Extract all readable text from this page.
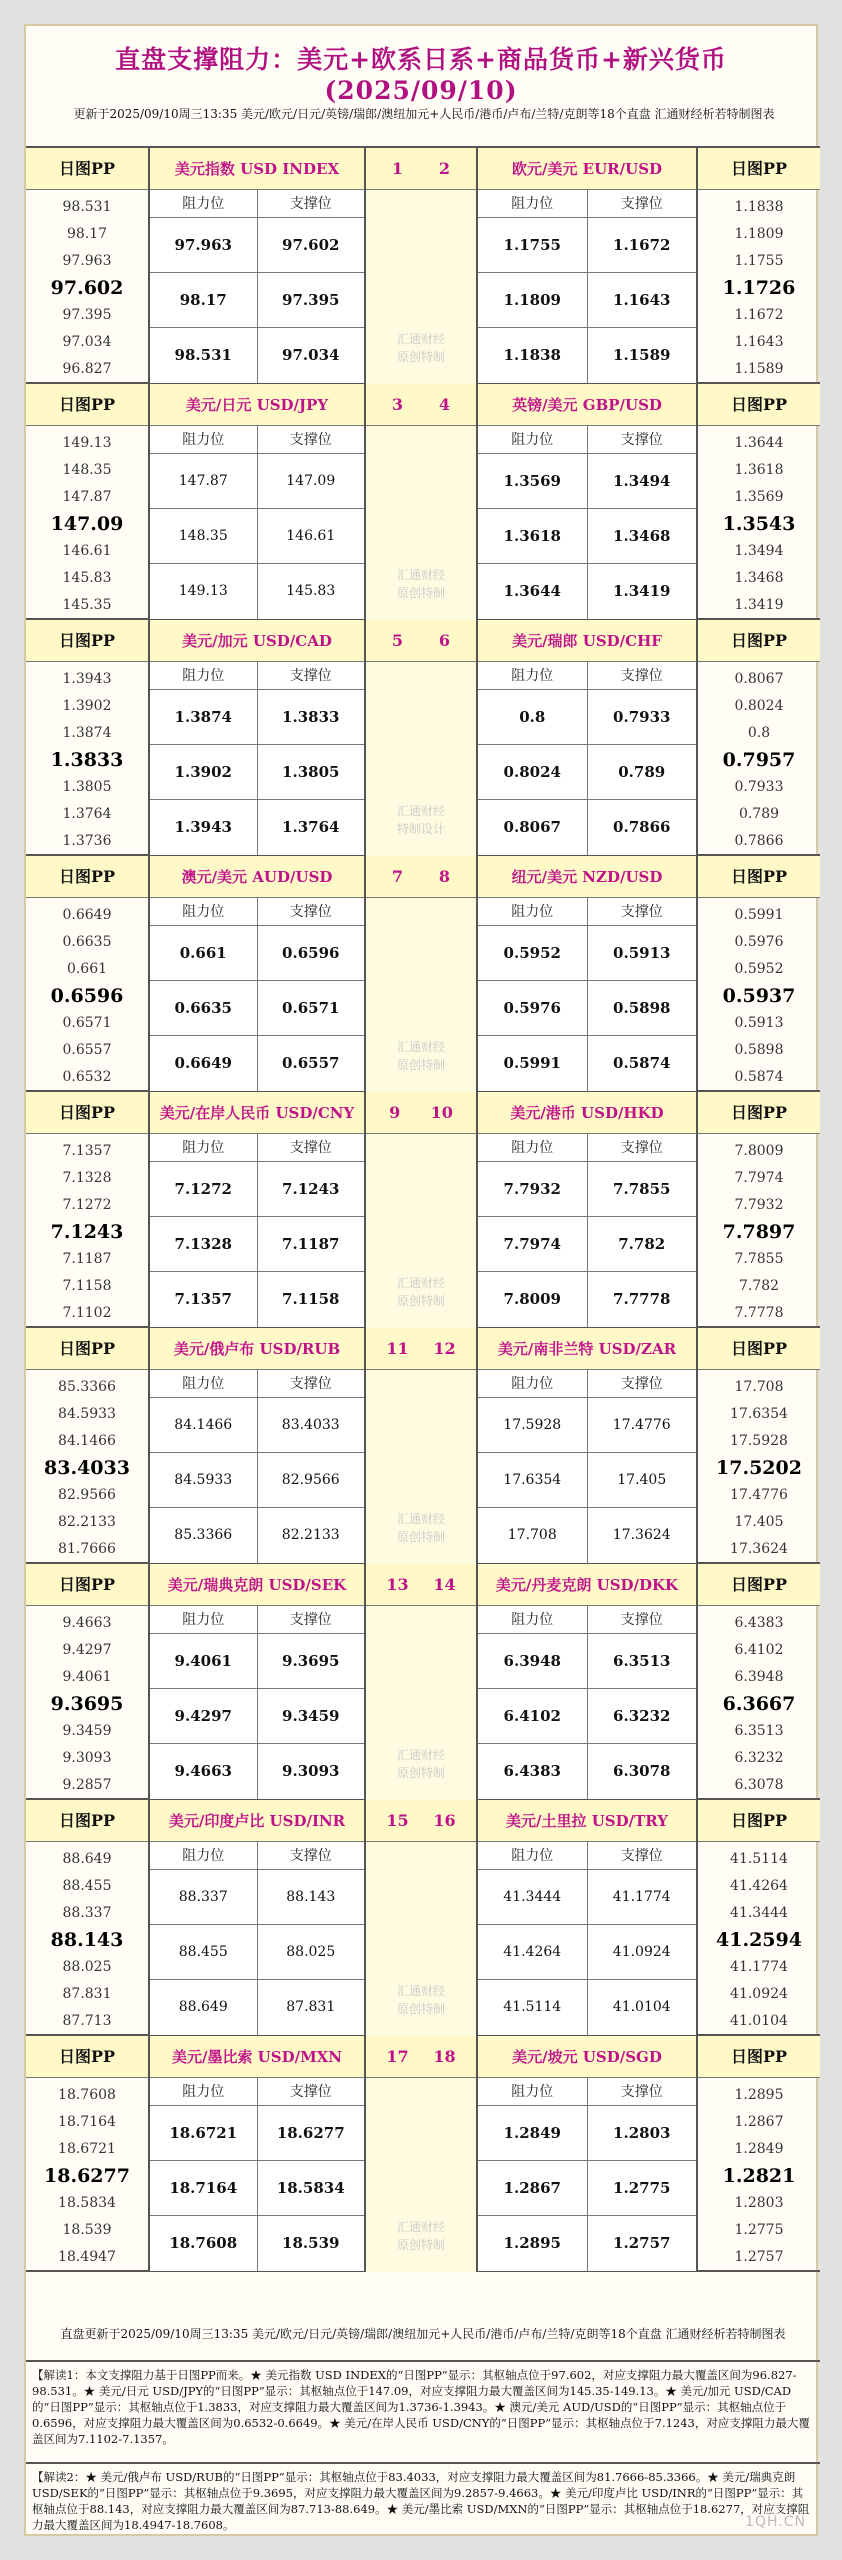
直盘支撑阻力：美元+欧系日系+商品货币+新兴货币(2025/09/10)
更新于2025/09/10周三13:35 美元/欧元/日元/英镑/瑞郎/澳纽加元+人民币/港币/卢布/兰特/克朗等18个直盘 汇通财经析若特制图表
日图PP
98.531
98.17
97.963
97.602
97.395
97.034
96.827
美元指数 USD INDEX
阻力位	支撑位
97.963	97.602
98.17	97.395
98.531	97.034
1 2
汇通财经
原创特制
欧元/美元 EUR/USD
阻力位	支撑位
1.1755	1.1672
1.1809	1.1643
1.1838	1.1589
日图PP
1.1838
1.1809
1.1755
1.1726
1.1672
1.1643
1.1589
日图PP
149.13
148.35
147.87
147.09
146.61
145.83
145.35
美元/日元 USD/JPY
阻力位	支撑位
147.87	147.09
148.35	146.61
149.13	145.83
3 4
汇通财经
原创特制
英镑/美元 GBP/USD
阻力位	支撑位
1.3569	1.3494
1.3618	1.3468
1.3644	1.3419
日图PP
1.3644
1.3618
1.3569
1.3543
1.3494
1.3468
1.3419
日图PP
1.3943
1.3902
1.3874
1.3833
1.3805
1.3764
1.3736
美元/加元 USD/CAD
阻力位	支撑位
1.3874	1.3833
1.3902	1.3805
1.3943	1.3764
5 6
汇通财经
特制设计
美元/瑞郎 USD/CHF
阻力位	支撑位
0.8	0.7933
0.8024	0.789
0.8067	0.7866
日图PP
0.8067
0.8024
0.8
0.7957
0.7933
0.789
0.7866
日图PP
0.6649
0.6635
0.661
0.6596
0.6571
0.6557
0.6532
澳元/美元 AUD/USD
阻力位	支撑位
0.661	0.6596
0.6635	0.6571
0.6649	0.6557
7 8
汇通财经
原创特制
纽元/美元 NZD/USD
阻力位	支撑位
0.5952	0.5913
0.5976	0.5898
0.5991	0.5874
日图PP
0.5991
0.5976
0.5952
0.5937
0.5913
0.5898
0.5874
日图PP
7.1357
7.1328
7.1272
7.1243
7.1187
7.1158
7.1102
美元/在岸人民币 USD/CNY
阻力位	支撑位
7.1272	7.1243
7.1328	7.1187
7.1357	7.1158
9 10
汇通财经
原创特制
美元/港币 USD/HKD
阻力位	支撑位
7.7932	7.7855
7.7974	7.782
7.8009	7.7778
日图PP
7.8009
7.7974
7.7932
7.7897
7.7855
7.782
7.7778
日图PP
85.3366
84.5933
84.1466
83.4033
82.9566
82.2133
81.7666
美元/俄卢布 USD/RUB
阻力位	支撑位
84.1466	83.4033
84.5933	82.9566
85.3366	82.2133
11 12
汇通财经
原创特制
美元/南非兰特 USD/ZAR
阻力位	支撑位
17.5928	17.4776
17.6354	17.405
17.708	17.3624
日图PP
17.708
17.6354
17.5928
17.5202
17.4776
17.405
17.3624
日图PP
9.4663
9.4297
9.4061
9.3695
9.3459
9.3093
9.2857
美元/瑞典克朗 USD/SEK
阻力位	支撑位
9.4061	9.3695
9.4297	9.3459
9.4663	9.3093
13 14
汇通财经
原创特制
美元/丹麦克朗 USD/DKK
阻力位	支撑位
6.3948	6.3513
6.4102	6.3232
6.4383	6.3078
日图PP
6.4383
6.4102
6.3948
6.3667
6.3513
6.3232
6.3078
日图PP
88.649
88.455
88.337
88.143
88.025
87.831
87.713
美元/印度卢比 USD/INR
阻力位	支撑位
88.337	88.143
88.455	88.025
88.649	87.831
15 16
汇通财经
原创特制
美元/土里拉 USD/TRY
阻力位	支撑位
41.3444	41.1774
41.4264	41.0924
41.5114	41.0104
日图PP
41.5114
41.4264
41.3444
41.2594
41.1774
41.0924
41.0104
日图PP
18.7608
18.7164
18.6721
18.6277
18.5834
18.539
18.4947
美元/墨比索 USD/MXN
阻力位	支撑位
18.6721	18.6277
18.7164	18.5834
18.7608	18.539
17 18
汇通财经
原创特制
美元/坡元 USD/SGD
阻力位	支撑位
1.2849	1.2803
1.2867	1.2775
1.2895	1.2757
日图PP
1.2895
1.2867
1.2849
1.2821
1.2803
1.2775
1.2757
直盘更新于2025/09/10周三13:35 美元/欧元/日元/英镑/瑞郎/澳纽加元+人民币/港币/卢布/兰特/克朗等18个直盘 汇通财经析若特制图表
【解读1：本文支撑阻力基于日图PP而来。★ 美元指数 USD INDEX的“日图PP”显示：其枢轴点位于97.602，对应支撑阻力最大覆盖区间为96.827-98.531。★ 美元/日元 USD/JPY的“日图PP”显示：其枢轴点位于147.09，对应支撑阻力最大覆盖区间为145.35-149.13。★ 美元/加元 USD/CAD的“日图PP”显示：其枢轴点位于1.3833，对应支撑阻力最大覆盖区间为1.3736-1.3943。★ 澳元/美元 AUD/USD的“日图PP”显示：其枢轴点位于0.6596，对应支撑阻力最大覆盖区间为0.6532-0.6649。★ 美元/在岸人民币 USD/CNY的“日图PP”显示：其枢轴点位于7.1243，对应支撑阻力最大覆盖区间为7.1102-7.1357。
【解读2：★ 美元/俄卢布 USD/RUB的“日图PP”显示：其枢轴点位于83.4033，对应支撑阻力最大覆盖区间为81.7666-85.3366。★ 美元/瑞典克朗 USD/SEK的“日图PP”显示：其枢轴点位于9.3695，对应支撑阻力最大覆盖区间为9.2857-9.4663。★ 美元/印度卢比 USD/INR的“日图PP”显示：其枢轴点位于88.143，对应支撑阻力最大覆盖区间为87.713-88.649。★ 美元/墨比索 USD/MXN的“日图PP”显示：其枢轴点位于18.6277，对应支撑阻力最大覆盖区间为18.4947-18.7608。	1QH.CN
